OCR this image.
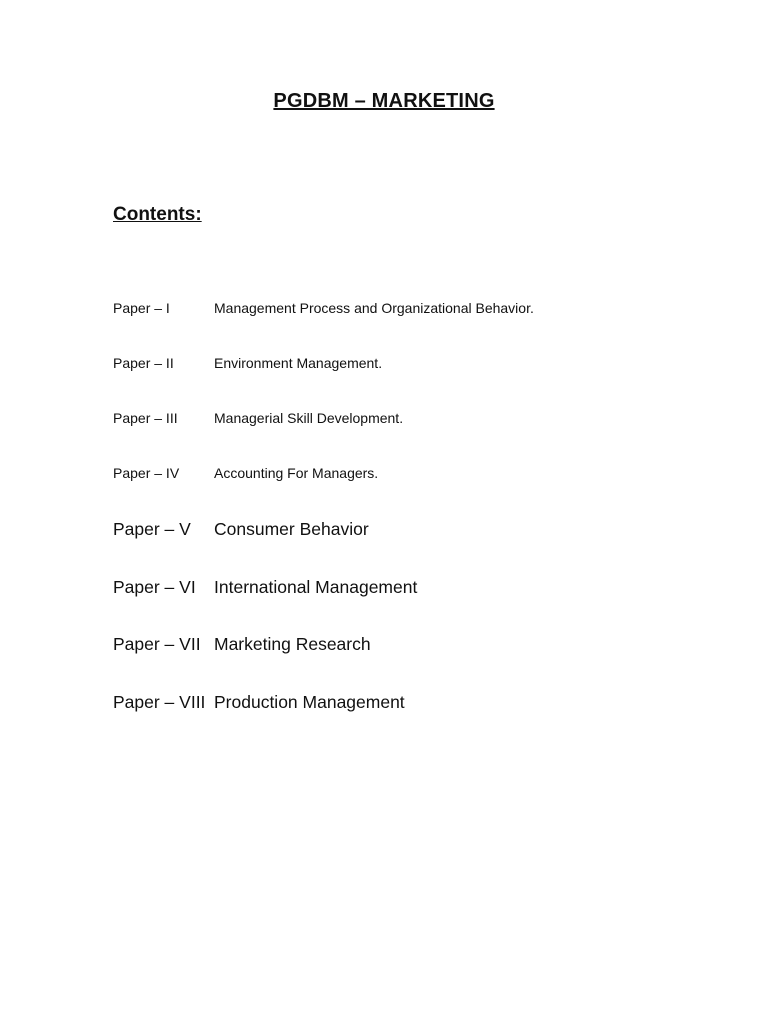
PGDBM – MARKETING
Contents:
Paper – I	Management Process and Organizational Behavior.
Paper – II	Environment Management.
Paper – III	Managerial Skill Development.
Paper – IV Accounting For Managers.
Paper – V Consumer Behavior
Paper – VI International Management
Paper – VII Marketing Research
Paper – VIII Production Management
